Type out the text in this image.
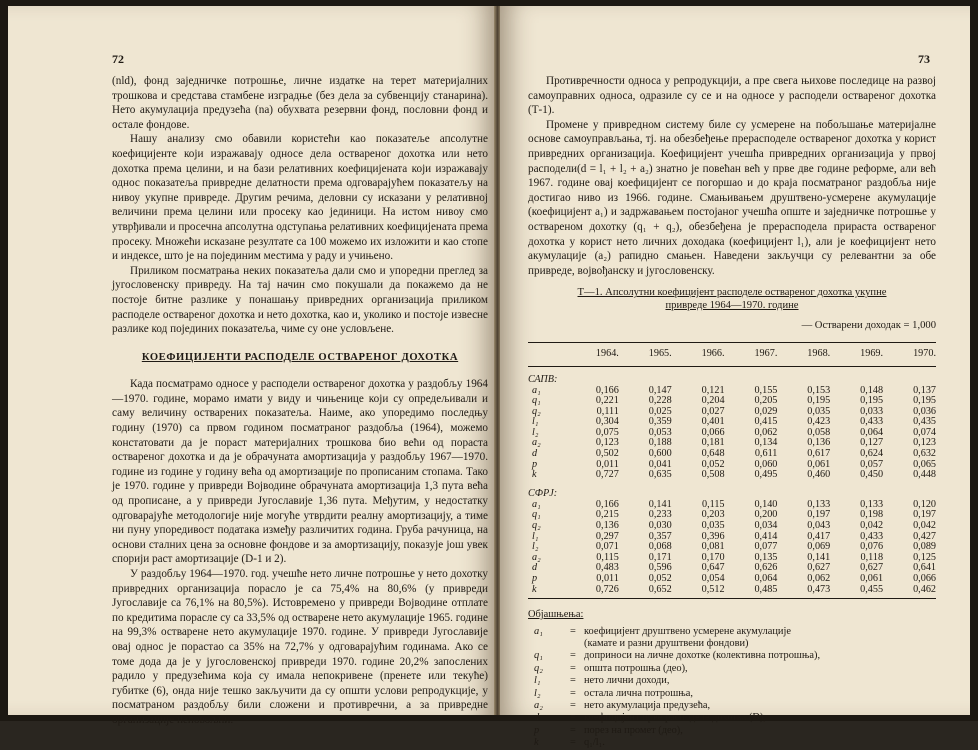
72

(nld), фонд заједничке потрошње, личне издатке на терет материјалних трошкова и средстава стамбене изградње (без дела за субвенцију станарина). Нето акумулација предузећа (na) обухвата резервни фонд, пословни фонд и остале фондове.

Нашу анализу смо обавили користећи као показатеље апсолутне коефицијенте који изражавају односе дела оствареног дохотка или нето дохотка према целини, и на бази релативних коефицијената који изражавају однос показатеља привредне делатности према одговарајућем показатељу на нивоу укупне привреде. Другим речима, деловни су исказани у релативној величини према целини или просеку као јединици. На истом нивоу смо утврђивали и просечна апсолутна одступања релативних коефицијената према просеку. Множећи исказане резултате са 100 можемо их изложити и као стопе и индексе, што је на појединим местима у раду и учињено.

Приликом посматрања неких показатеља дали смо и упоредни преглед за југословенску привреду. На тај начин смо покушали да покажемо да не постоје битне разлике у понашању привредних организација приликом расподеле оствареног дохотка и нето дохотка, као и, уколико и постоје извесне разлике код појединих показатеља, чиме су оне условљене.

КОЕФИЦИЈЕНТИ РАСПОДЕЛЕ ОСТВАРЕНОГ ДОХОТКА

Када посматрамо односе у расподели оствареног дохотка у раздобљу 1964—1970. године, морамо имати у виду и чињенице који су опредељивали и саму величину остварених показатеља. Наиме, ако упоредимо последњу годину (1970) са првом годином посматраног раздобља (1964), можемо констатовати да је пораст материјалних трошкова био већи од пораста оствареног дохотка и да је обрачуната амортизација у раздобљу 1967—1970. године из године у годину већа од амортизације по прописаним стопама. Тако је 1970. године у привреди Војводине обрачуната амортизација 1,3 пута већа од прописане, а у привреди Југославије 1,36 пута. Међутим, у недостатку одговарајуће методологије није могуће утврдити реалну амортизацију, а тиме ни пуну упоредивост података између различитих година. Груба рачуница, на основи сталних цена за основне фондове и за амортизацију, показује још увек спорији раст амортизације (D-1 и 2).

У раздобљу 1964—1970. год. учешће нето личне потрошње у нето дохотку привредних организација порасло је са 75,4% на 80,6% (у привреди Југославије са 76,1% на 80,5%). Истовремено у привреди Војводине отплате по кредитима порасле су са 33,5% од остварене нето акумулације 1965. године на 99,3% остварене нето акумулације 1970. године. У привреди Југославије овај однос је порастао са 35% на 72,7% у одговарајућим годинама. Ако се томе дода да је у југословенској привреди 1970. године 20,2% запослених радило у предузећима која су имала непокривене (пренете или текуће) губитке (6), онда није тешко закључити да су општи услови репродукције, у посматраном раздобљу били сложени и противречни, а за привредне организације неповољни.

73

Противречности односа у репродукцији, а пре свега њихове последице на развој самоуправних односа, одразиле су се и на односе у расподели оствареног дохотка (Т-1).

Промене у привредном систему биле су усмерене на побољшање материјалне основе самоуправљања, тј. на обезбеђење прерасподеле оствареног дохотка у корист привредних организација. Коефицијент учешћа привредних организација у првој расподели(d = l₁ + l₂ + a₂) знатно је повећан већ у прве две године реформе, али већ 1967. године овај коефицијент се погоршао и до краја посматраног раздобља није достигао ниво из 1966. године. Смањивањем друштвено-усмерене акумулације (коефицијент a₁) и задржавањем постојаног учешћа опште и заједничке потрошње у оствареном дохотку (q₁ + q₂), обезбеђена је прерасподела прираста оствареног дохотка у корист нето личних доходака (коефицијент l₁), али је коефицијент нето акумулације (a₂) рапидно смањен. Наведени закључци су релевантни за обе привреде, војвођанску и југословенску.

Т—1. Апсолутни коефицијент расподеле оствареног дохотка укупне
привреде 1964—1970. године
— Остварени доходак = 1,000
	1964.	1965.	1966.	1967.	1968.	1969.	1970.
САПВ:							
a₁	0,166	0,147	0,121	0,155	0,153	0,148	0,137
q₁	0,221	0,228	0,204	0,205	0,195	0,195	0,195
q₂	0,111	0,025	0,027	0,029	0,035	0,033	0,036
l₁	0,304	0,359	0,401	0,415	0,423	0,433	0,435
l₂	0,075	0,053	0,066	0,062	0,058	0,064	0,074
a₂	0,123	0,188	0,181	0,134	0,136	0,127	0,123
d	0,502	0,600	0,648	0,611	0,617	0,624	0,632
p	0,011	0,041	0,052	0,060	0,061	0,057	0,065
k	0,727	0,635	0,508	0,495	0,460	0,450	0,448
СФРЈ:							
a₁	0,166	0,141	0,115	0,140	0,133	0,133	0,120
q₁	0,215	0,233	0,203	0,200	0,197	0,198	0,197
q₂	0,136	0,030	0,035	0,034	0,043	0,042	0,042
l₁	0,297	0,357	0,396	0,414	0,417	0,433	0,427
l₂	0,071	0,068	0,081	0,077	0,069	0,076	0,089
a₂	0,115	0,171	0,170	0,135	0,141	0,118	0,125
d	0,483	0,596	0,647	0,626	0,627	0,627	0,641
p	0,011	0,052	0,054	0,064	0,062	0,061	0,066
k	0,726	0,652	0,512	0,485	0,473	0,455	0,462
Објашњења:
a₁	= коефицијент друштвено усмерене акумулације
(камате и разни друштвени фондови)
q₁	= доприноси на личне дохотке (колективна потрошња),
q₂	= општа потрошња (део),
l₁	= нето лични доходи,
l₂	= остала лична потрошња,
a₂	= нето акумулација предузећа,
d	= коефицијент прве расподеле дохотка (D),
p	= порез на промет (део),
k	= q₁/l₁.
